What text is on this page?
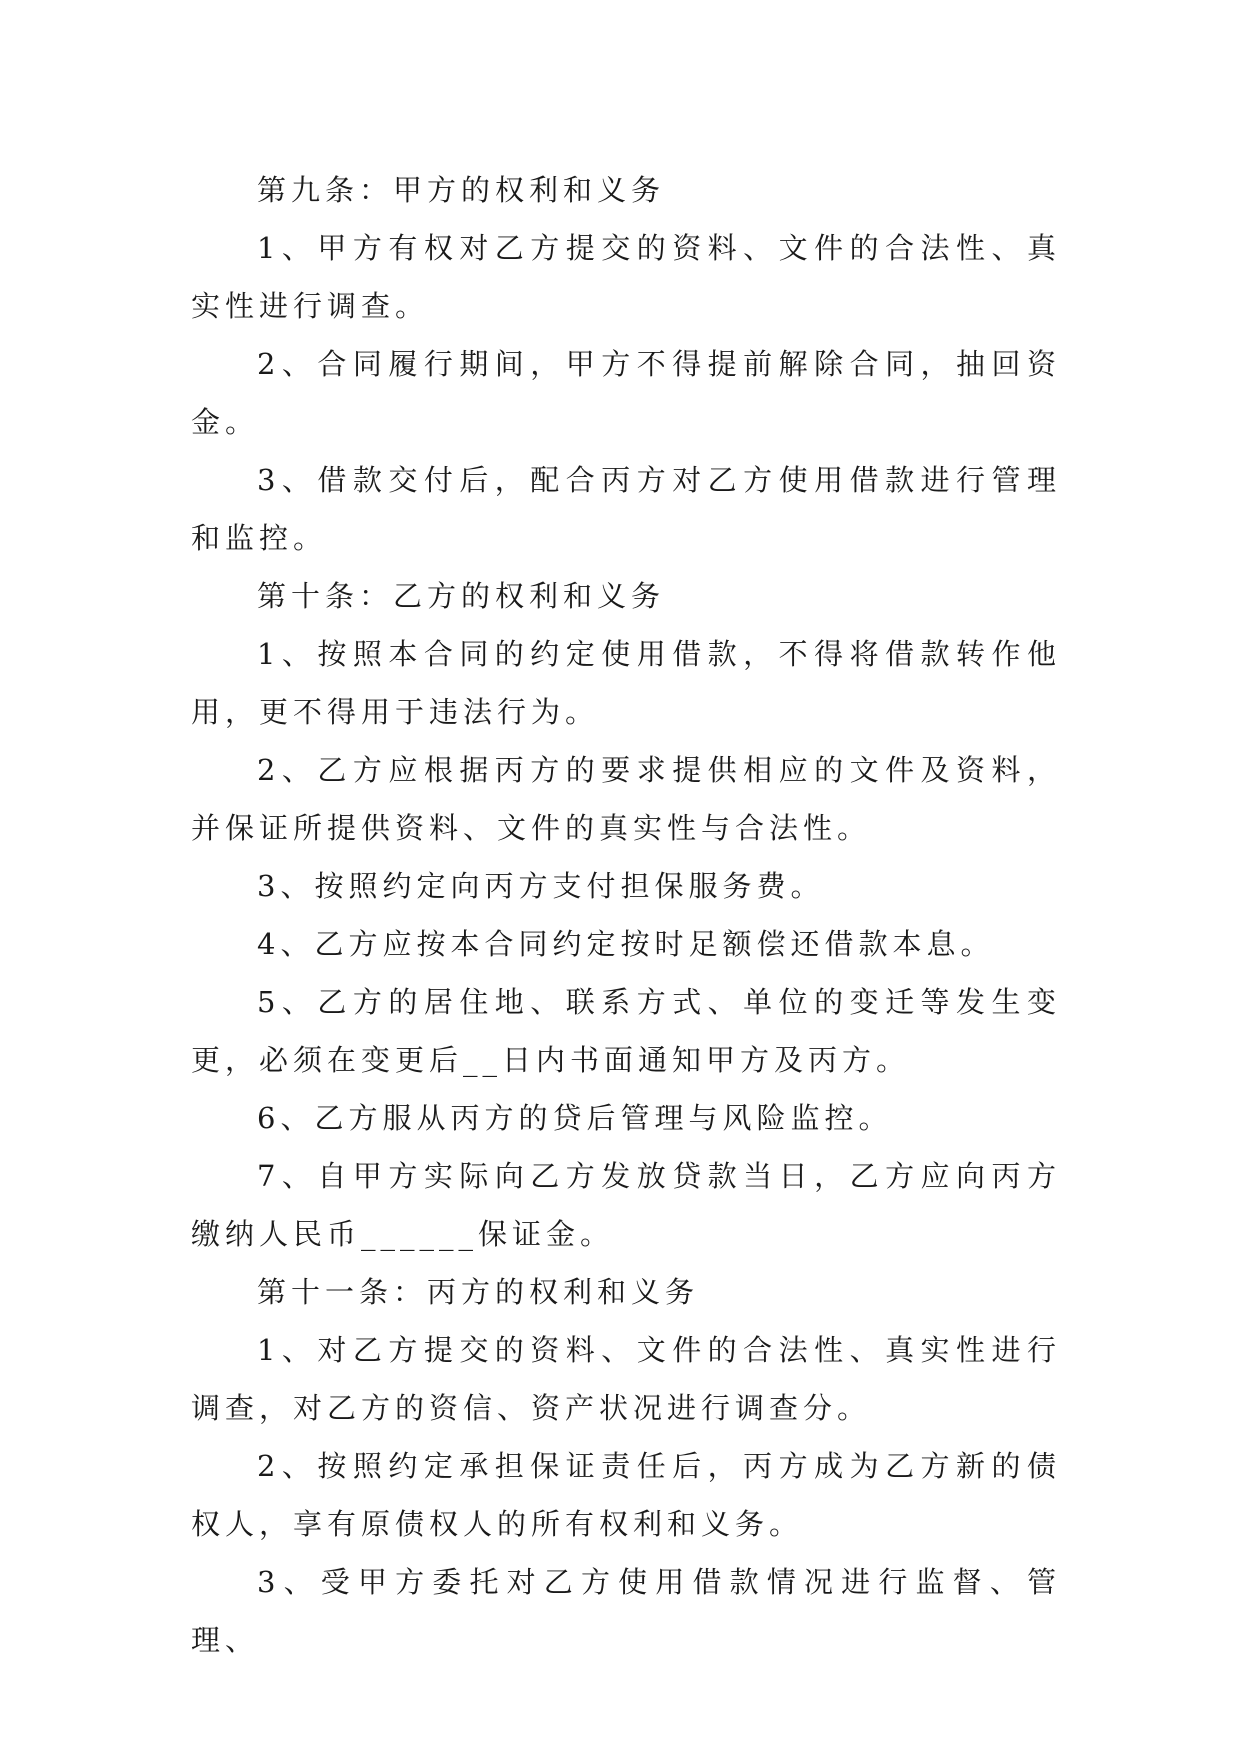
第九条：甲方的权利和义务

1、甲方有权对乙方提交的资料、文件的合法性、真实性进行调查。

2、合同履行期间，甲方不得提前解除合同，抽回资金。

3、借款交付后，配合丙方对乙方使用借款进行管理和监控。

第十条：乙方的权利和义务

1、按照本合同的约定使用借款，不得将借款转作他用，更不得用于违法行为。

2、乙方应根据丙方的要求提供相应的文件及资料，并保证所提供资料、文件的真实性与合法性。

3、按照约定向丙方支付担保服务费。

4、乙方应按本合同约定按时足额偿还借款本息。

5、乙方的居住地、联系方式、单位的变迁等发生变更，必须在变更后__日内书面通知甲方及丙方。

6、乙方服从丙方的贷后管理与风险监控。

7、自甲方实际向乙方发放贷款当日，乙方应向丙方缴纳人民币______保证金。

第十一条：丙方的权利和义务

1、对乙方提交的资料、文件的合法性、真实性进行调查，对乙方的资信、资产状况进行调查分。

2、按照约定承担保证责任后，丙方成为乙方新的债权人，享有原债权人的所有权利和义务。

3、受甲方委托对乙方使用借款情况进行监督、管理、
